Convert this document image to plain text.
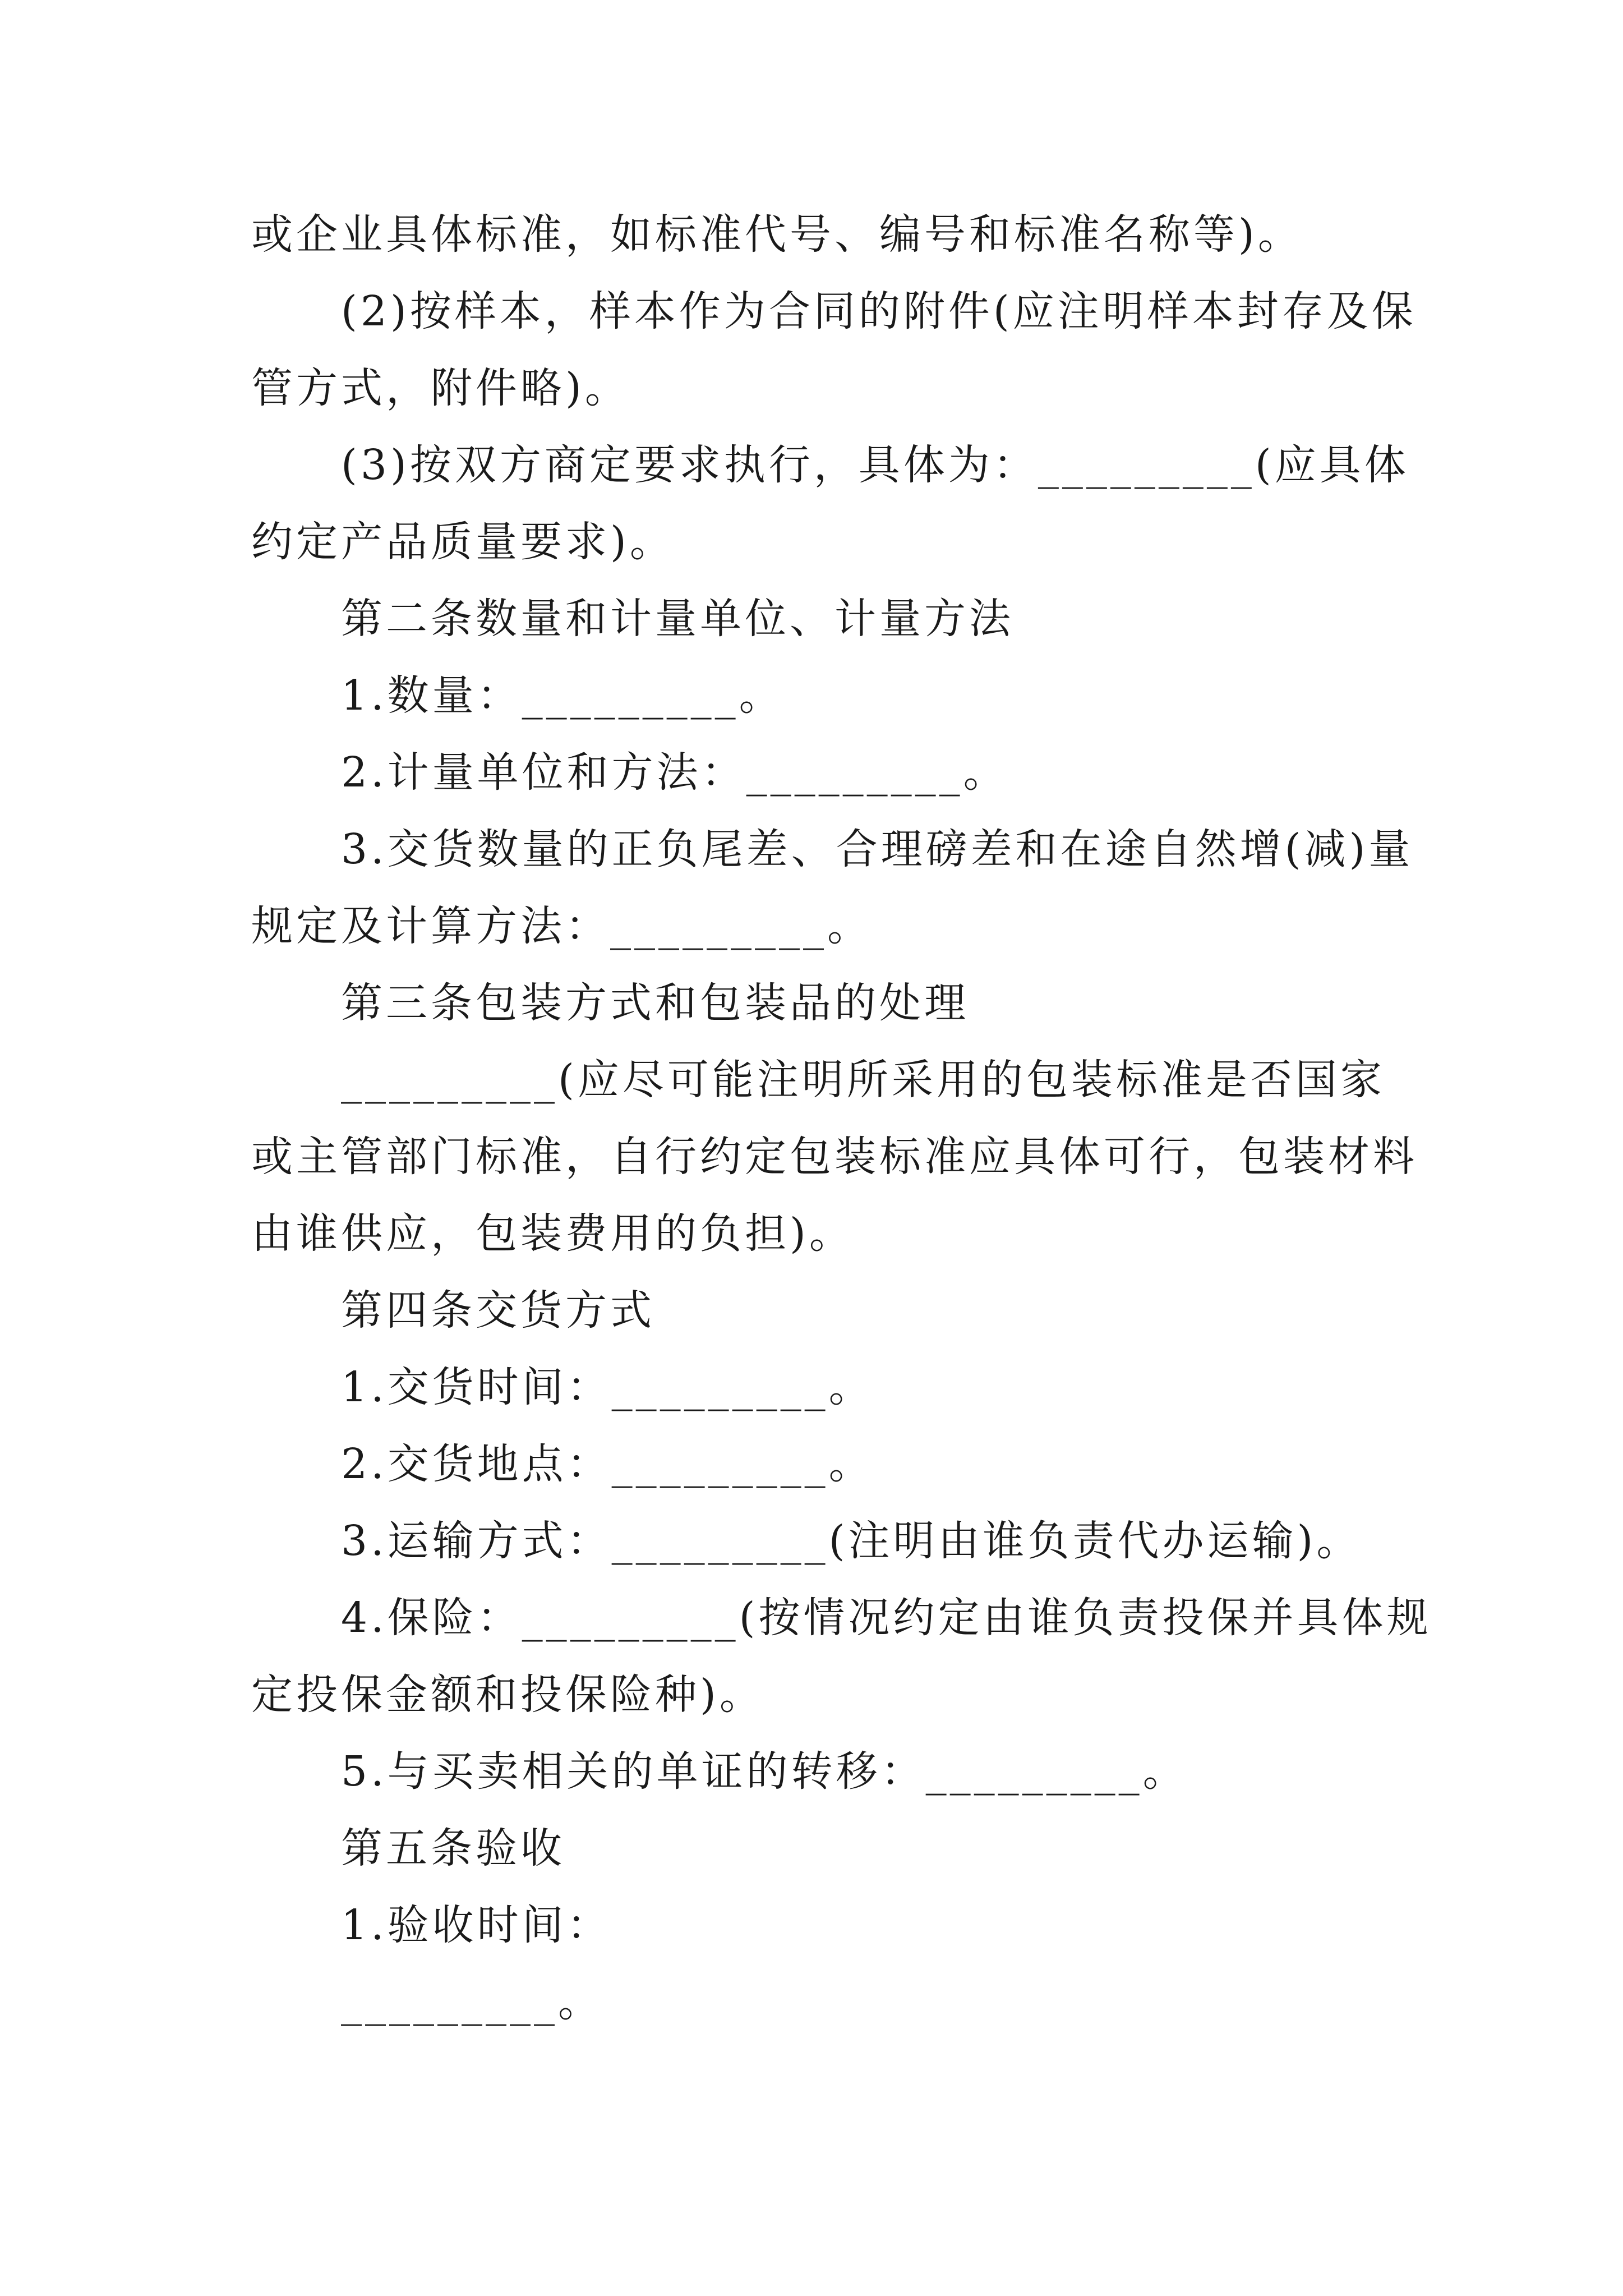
或企业具体标准，如标准代号、编号和标准名称等)。
(2)按样本，样本作为合同的附件(应注明样本封存及保
管方式，附件略)。
(3)按双方商定要求执行，具体为：_________(应具体
约定产品质量要求)。
第二条数量和计量单位、计量方法
1.数量：_________。
2.计量单位和方法：_________。
3.交货数量的正负尾差、合理磅差和在途自然增(减)量
规定及计算方法：_________。
第三条包装方式和包装品的处理
_________(应尽可能注明所采用的包装标准是否国家
或主管部门标准，自行约定包装标准应具体可行，包装材料
由谁供应，包装费用的负担)。
第四条交货方式
1.交货时间：_________。
2.交货地点：_________。
3.运输方式：_________(注明由谁负责代办运输)。
4.保险：_________(按情况约定由谁负责投保并具体规
定投保金额和投保险种)。
5.与买卖相关的单证的转移：_________。
第五条验收
1.验收时间：
_________。
